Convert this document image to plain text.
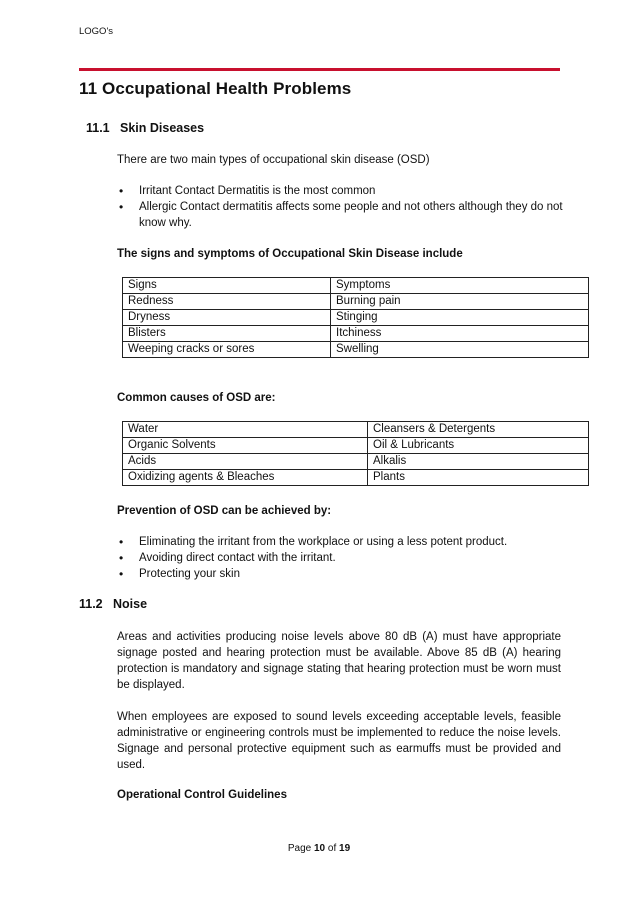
LOGO's
11 Occupational Health Problems
11.1 Skin Diseases
There are two main types of occupational skin disease (OSD)
• Irritant Contact Dermatitis is the most common
• Allergic Contact dermatitis affects some people and not others although they do not know why.
The signs and symptoms of Occupational Skin Disease include
Signs	Symptoms
Redness	Burning pain
Dryness	Stinging
Blisters	Itchiness
Weeping cracks or sores	Swelling
Common causes of OSD are:
Water	Cleansers & Detergents
Organic Solvents	Oil & Lubricants
Acids	Alkalis
Oxidizing agents & Bleaches	Plants
Prevention of OSD can be achieved by:
• Eliminating the irritant from the workplace or using a less potent product.
• Avoiding direct contact with the irritant.
• Protecting your skin
11.2 Noise
Areas and activities producing noise levels above 80 dB (A) must have appropriate signage posted and hearing protection must be available. Above 85 dB (A) hearing protection is mandatory and signage stating that hearing protection must be worn must be displayed.
When employees are exposed to sound levels exceeding acceptable levels, feasible administrative or engineering controls must be implemented to reduce the noise levels. Signage and personal protective equipment such as earmuffs must be provided and used.
Operational Control Guidelines
Page 10 of 19
